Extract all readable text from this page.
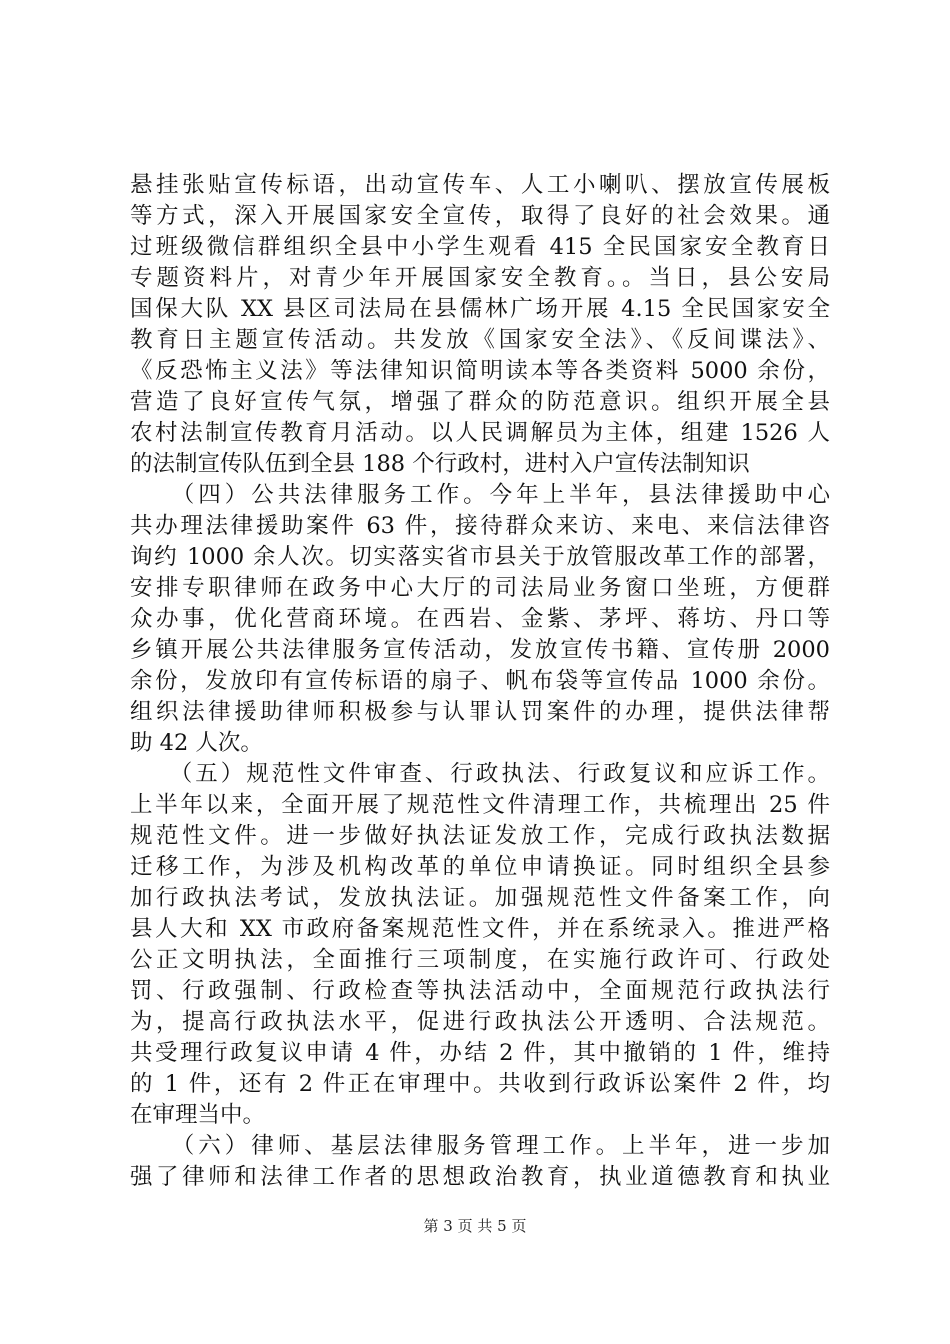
悬挂张贴宣传标语，出动宣传车、人工小喇叭、摆放宣传展板
等方式，深入开展国家安全宣传，取得了良好的社会效果。通
过班级微信群组织全县中小学生观看 415 全民国家安全教育日
专题资料片，对青少年开展国家安全教育。。当日，县公安局
国保大队 XX 县区司法局在县儒林广场开展 4.15 全民国家安全
教育日主题宣传活动。共发放《国家安全法》、《反间谍法》、
《反恐怖主义法》等法律知识简明读本等各类资料 5000 余份，
营造了良好宣传气氛，增强了群众的防范意识。组织开展全县
农村法制宣传教育月活动。以人民调解员为主体，组建 1526 人
的法制宣传队伍到全县 188 个行政村，进村入户宣传法制知识
　　（四）公共法律服务工作。今年上半年，县法律援助中心
共办理法律援助案件 63 件，接待群众来访、来电、来信法律咨
询约 1000 余人次。切实落实省市县关于放管服改革工作的部署，
安排专职律师在政务中心大厅的司法局业务窗口坐班，方便群
众办事，优化营商环境。在西岩、金紫、茅坪、蒋坊、丹口等
乡镇开展公共法律服务宣传活动，发放宣传书籍、宣传册 2000
余份，发放印有宣传标语的扇子、帆布袋等宣传品 1000 余份。
组织法律援助律师积极参与认罪认罚案件的办理，提供法律帮
助 42 人次。
　　（五）规范性文件审查、行政执法、行政复议和应诉工作。
上半年以来，全面开展了规范性文件清理工作，共梳理出 25 件
规范性文件。进一步做好执法证发放工作，完成行政执法数据
迁移工作，为涉及机构改革的单位申请换证。同时组织全县参
加行政执法考试，发放执法证。加强规范性文件备案工作，向
县人大和 XX 市政府备案规范性文件，并在系统录入。推进严格
公正文明执法，全面推行三项制度，在实施行政许可、行政处
罚、行政强制、行政检查等执法活动中，全面规范行政执法行
为，提高行政执法水平，促进行政执法公开透明、合法规范。
共受理行政复议申请 4 件，办结 2 件，其中撤销的 1 件，维持
的 1 件，还有 2 件正在审理中。共收到行政诉讼案件 2 件，均
在审理当中。
　　（六）律师、基层法律服务管理工作。上半年，进一步加
强了律师和法律工作者的思想政治教育，执业道德教育和执业
第 3 页 共 5 页
